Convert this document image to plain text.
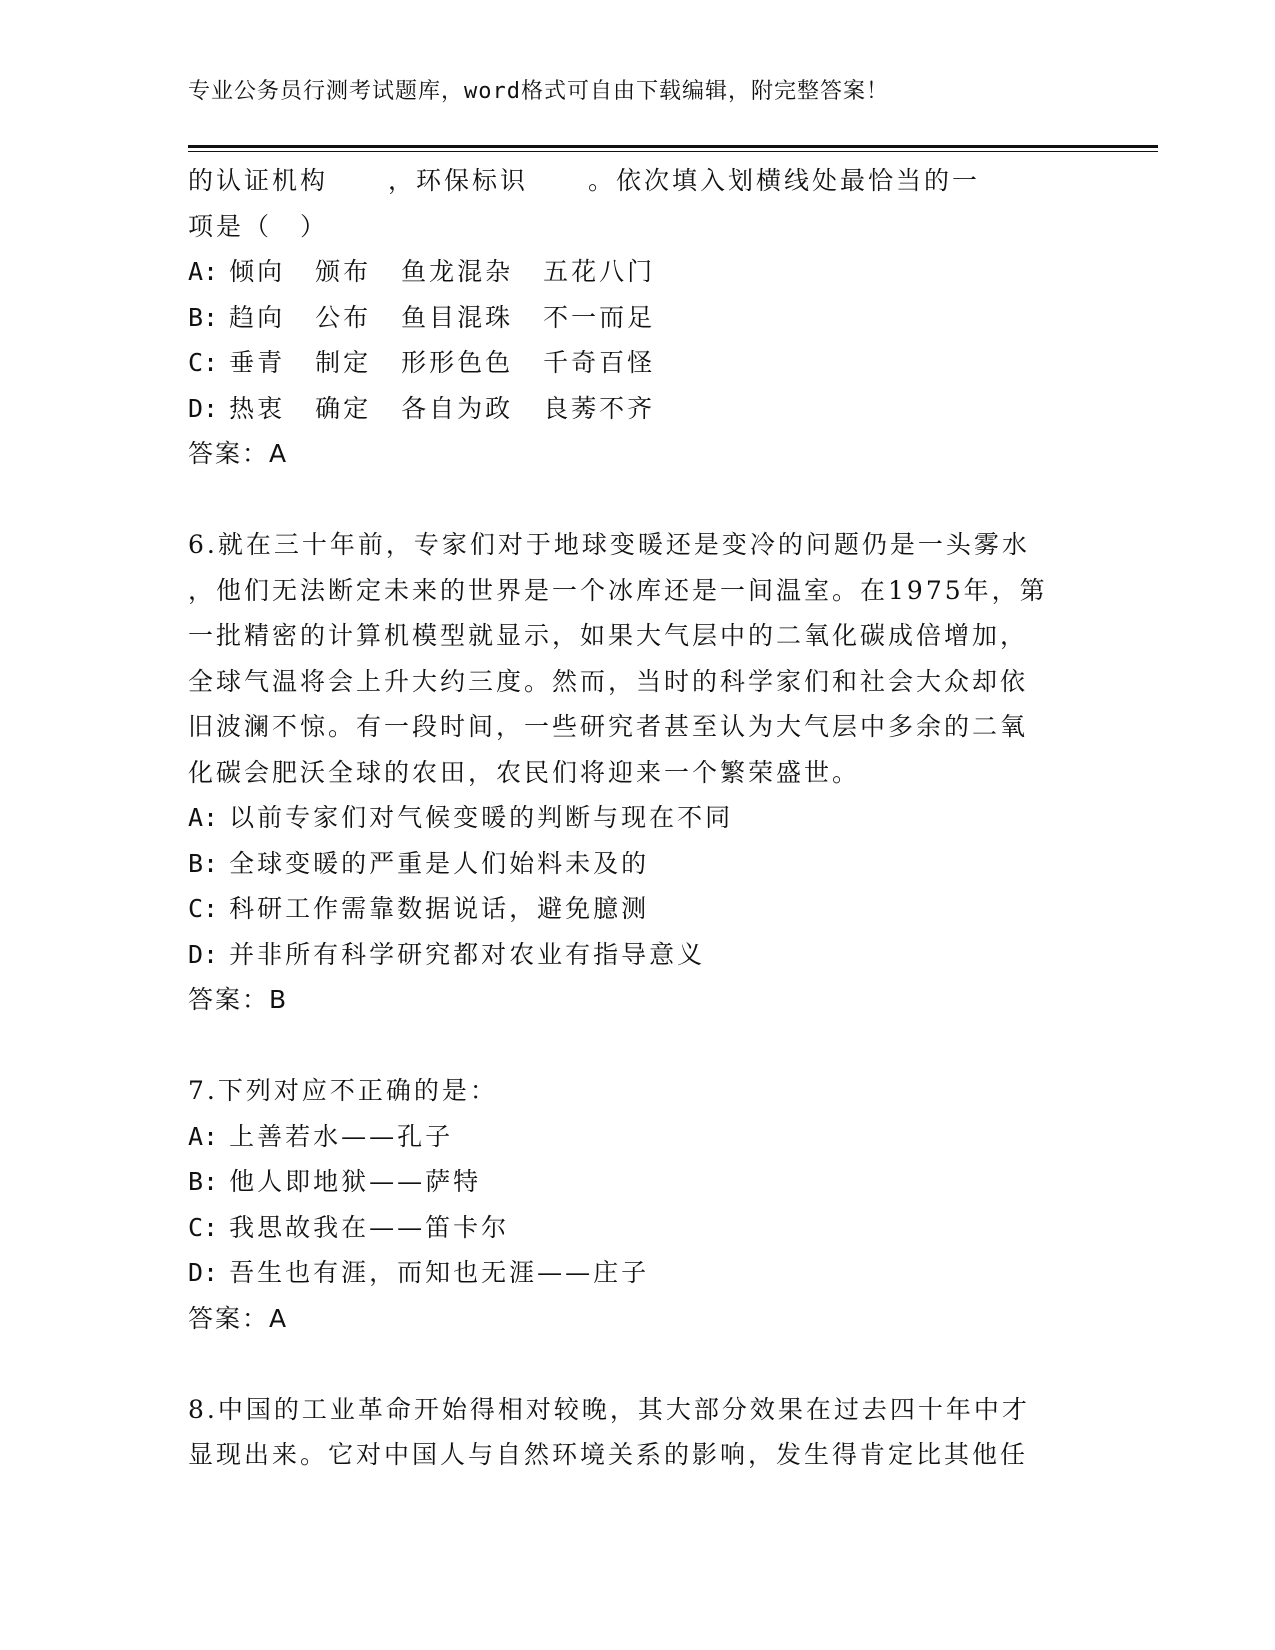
专业公务员行测考试题库，word格式可自由下载编辑，附完整答案！
的认证机构 ，环保标识 。依次填入划横线处最恰当的一
项是（　）
A: 倾向 颁布 鱼龙混杂 五花八门
B: 趋向 公布 鱼目混珠 不一而足
C: 垂青 制定 形形色色 千奇百怪
D: 热衷 确定 各自为政 良莠不齐
答案：A
6.就在三十年前，专家们对于地球变暖还是变冷的问题仍是一头雾水
，他们无法断定未来的世界是一个冰库还是一间温室。在1975年，第
一批精密的计算机模型就显示，如果大气层中的二氧化碳成倍增加，
全球气温将会上升大约三度。然而，当时的科学家们和社会大众却依
旧波澜不惊。有一段时间，一些研究者甚至认为大气层中多余的二氧
化碳会肥沃全球的农田，农民们将迎来一个繁荣盛世。
A: 以前专家们对气候变暖的判断与现在不同
B: 全球变暖的严重是人们始料未及的
C: 科研工作需靠数据说话，避免臆测
D: 并非所有科学研究都对农业有指导意义
答案：B
7.下列对应不正确的是：
A: 上善若水——孔子
B: 他人即地狱——萨特
C: 我思故我在——笛卡尔
D: 吾生也有涯，而知也无涯——庄子
答案：A
8.中国的工业革命开始得相对较晚，其大部分效果在过去四十年中才
显现出来。它对中国人与自然环境关系的影响，发生得肯定比其他任
